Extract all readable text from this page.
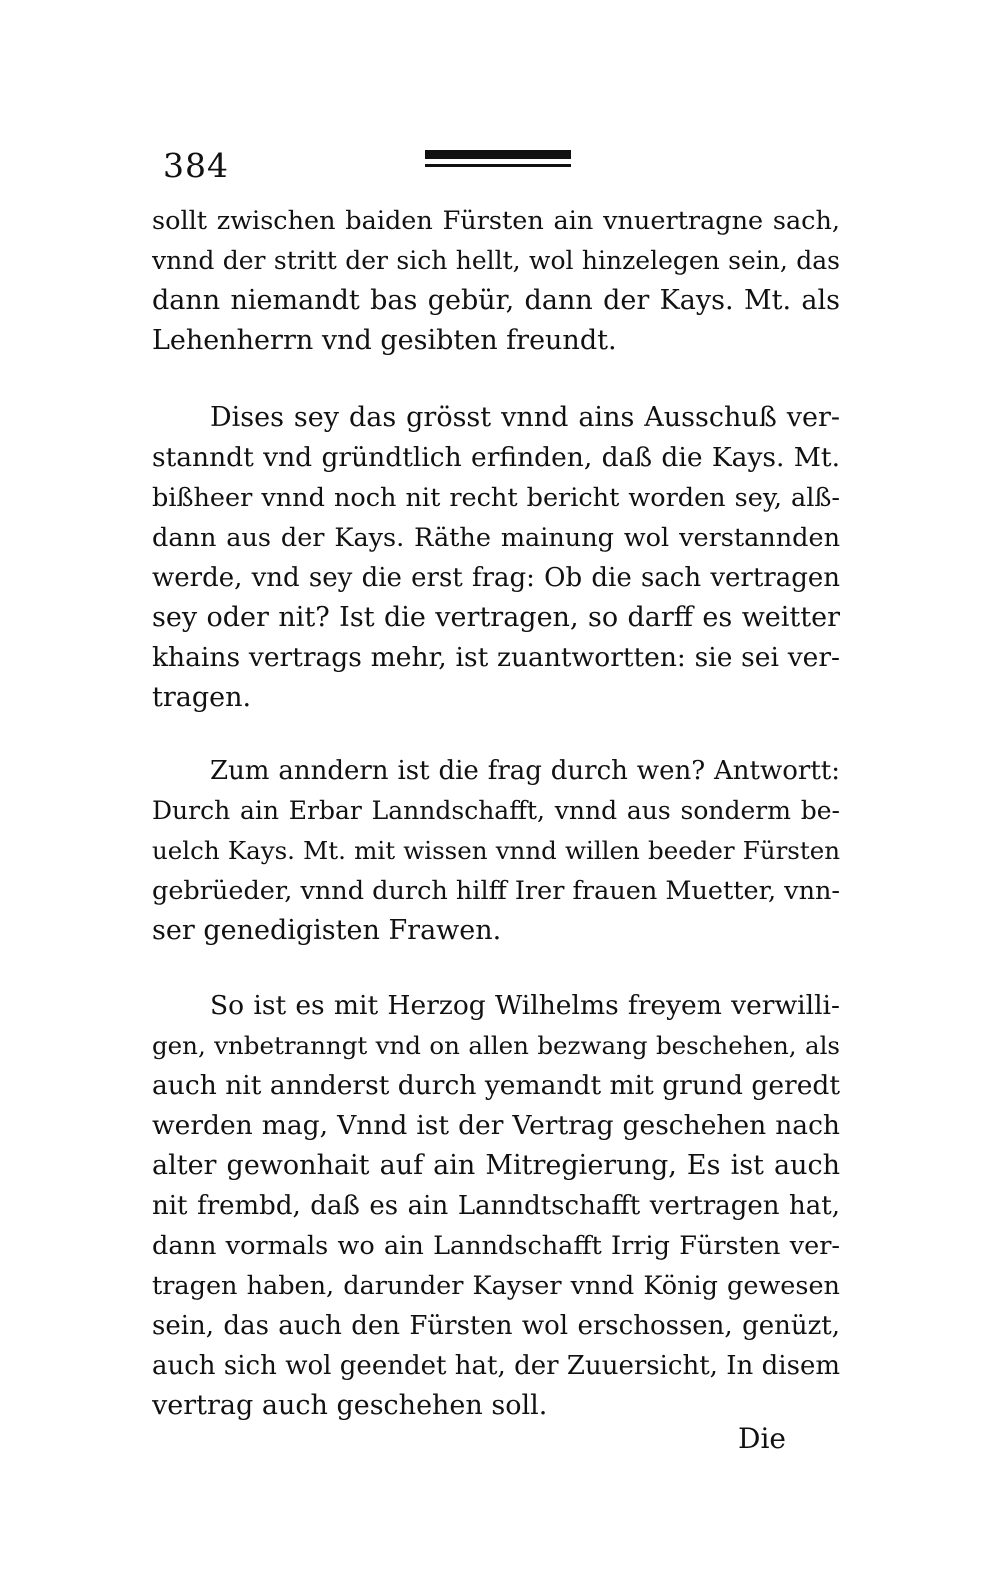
384
sollt zwischen baiden Fürsten ain vnuertragne sach,
vnnd der stritt der sich hellt, wol hinzelegen sein, das
dann niemandt bas gebür, dann der Kays. Mt. als
Lehenherrn vnd gesibten freundt.
Dises sey das grösst vnnd ains Ausschuß ver-
stanndt vnd gründtlich erfinden, daß die Kays. Mt.
bißheer vnnd noch nit recht bericht worden sey, alß-
dann aus der Kays. Räthe mainung wol verstannden
werde, vnd sey die erst frag: Ob die sach vertragen
sey oder nit? Ist die vertragen, so darff es weitter
khains vertrags mehr, ist zuantwortten: sie sei ver-
tragen.
Zum anndern ist die frag durch wen? Antwortt:
Durch ain Erbar Lanndschafft, vnnd aus sonderm be-
uelch Kays. Mt. mit wissen vnnd willen beeder Fürsten
gebrüeder, vnnd durch hilff Irer frauen Muetter, vnn-
ser genedigisten Frawen.
So ist es mit Herzog Wilhelms freyem verwilli-
gen, vnbetranngt vnd on allen bezwang beschehen, als
auch nit annderst durch yemandt mit grund geredt
werden mag, Vnnd ist der Vertrag geschehen nach
alter gewonhait auf ain Mitregierung, Es ist auch
nit frembd, daß es ain Lanndtschafft vertragen hat,
dann vormals wo ain Lanndschafft Irrig Fürsten ver-
tragen haben, darunder Kayser vnnd König gewesen
sein, das auch den Fürsten wol erschossen, genüzt,
auch sich wol geendet hat, der Zuuersicht, In disem
vertrag auch geschehen soll.
Die
